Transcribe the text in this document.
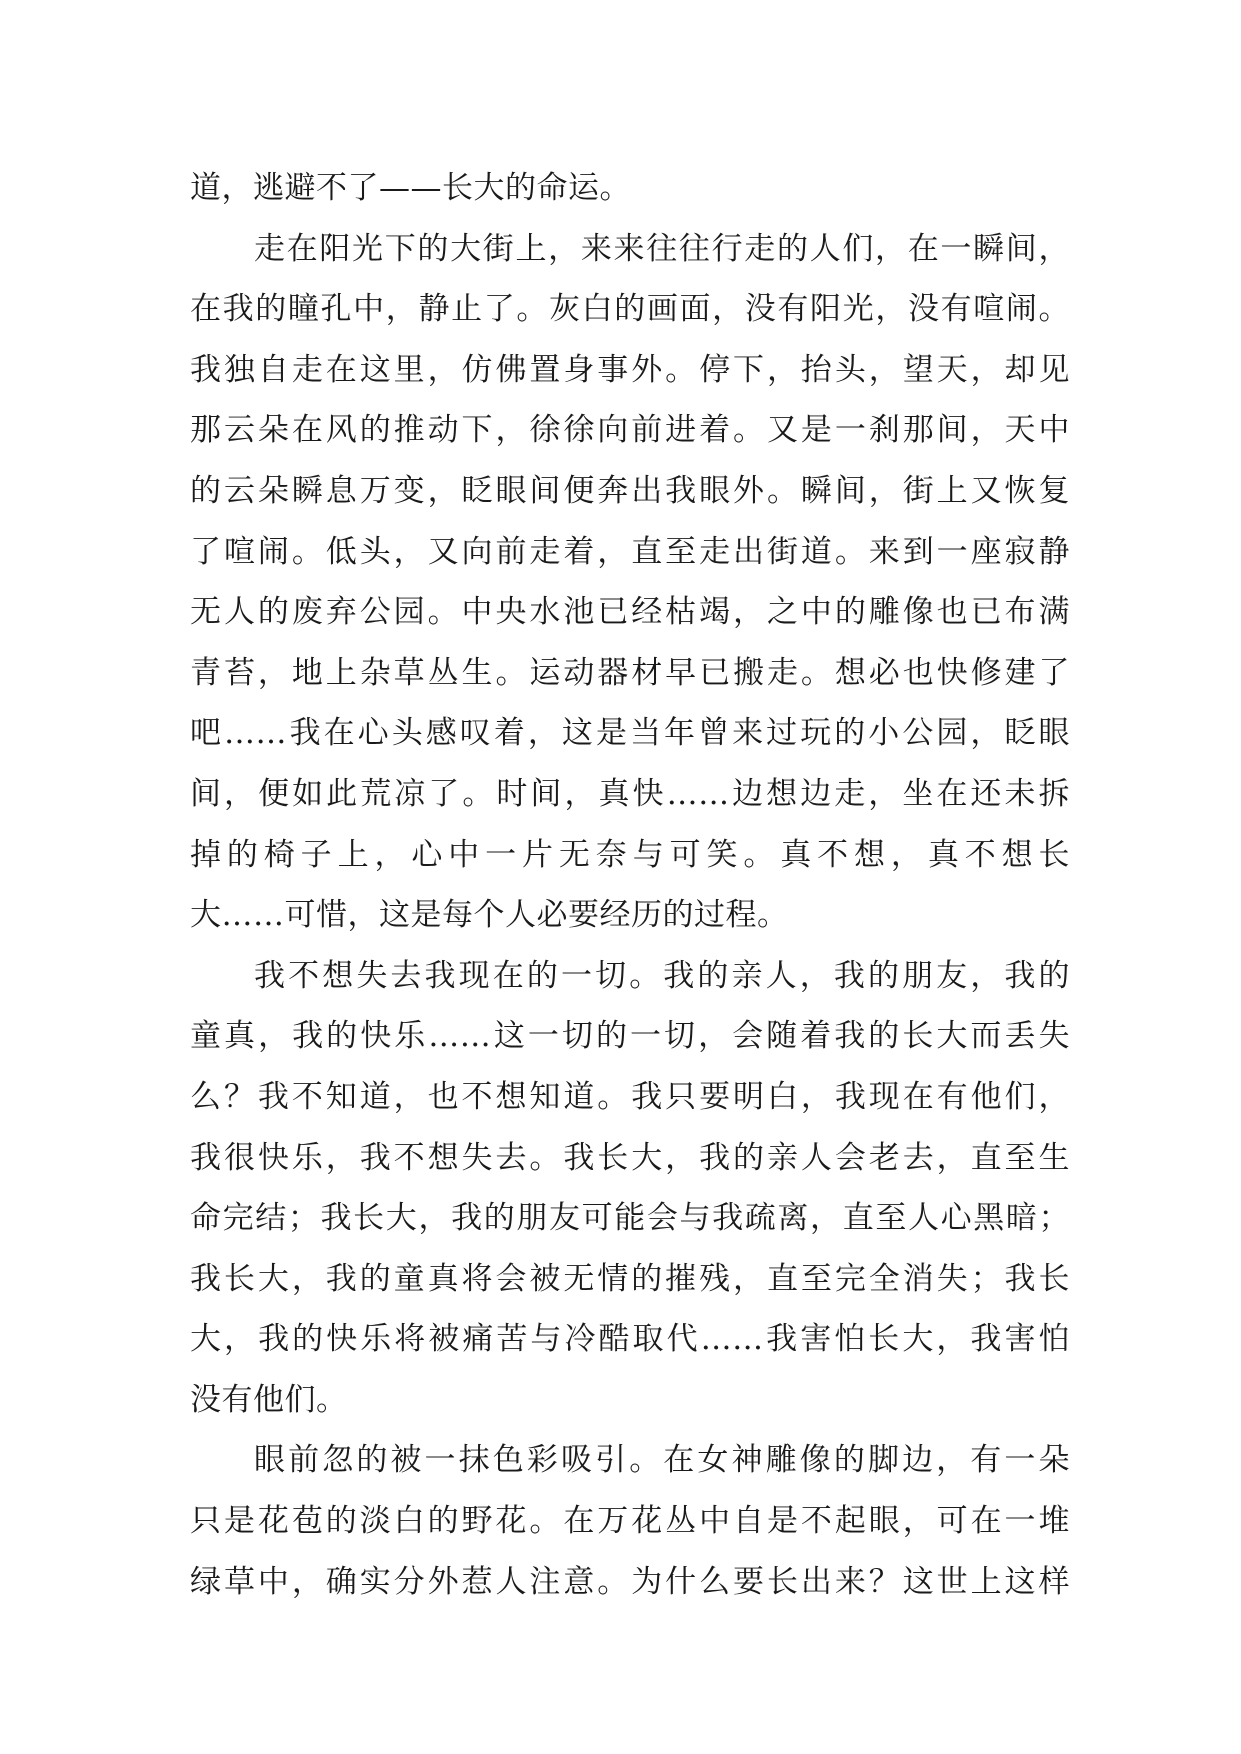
道，逃避不了——长大的命运。
走在阳光下的大街上，来来往往行走的人们，在一瞬间，
在我的瞳孔中，静止了。灰白的画面，没有阳光，没有喧闹。
我独自走在这里，仿佛置身事外。停下，抬头，望天，却见
那云朵在风的推动下，徐徐向前进着。又是一刹那间，天中
的云朵瞬息万变，眨眼间便奔出我眼外。瞬间，街上又恢复
了喧闹。低头，又向前走着，直至走出街道。来到一座寂静
无人的废弃公园。中央水池已经枯竭，之中的雕像也已布满
青苔，地上杂草丛生。运动器材早已搬走。想必也快修建了
吧……我在心头感叹着，这是当年曾来过玩的小公园，眨眼
间，便如此荒凉了。时间，真快……边想边走，坐在还未拆
掉的椅子上，心中一片无奈与可笑。真不想，真不想长
大……可惜，这是每个人必要经历的过程。
我不想失去我现在的一切。我的亲人，我的朋友，我的
童真，我的快乐……这一切的一切，会随着我的长大而丢失
么？我不知道，也不想知道。我只要明白，我现在有他们，
我很快乐，我不想失去。我长大，我的亲人会老去，直至生
命完结；我长大，我的朋友可能会与我疏离，直至人心黑暗；
我长大，我的童真将会被无情的摧残，直至完全消失；我长
大，我的快乐将被痛苦与冷酷取代……我害怕长大，我害怕
没有他们。
眼前忽的被一抹色彩吸引。在女神雕像的脚边，有一朵
只是花苞的淡白的野花。在万花丛中自是不起眼，可在一堆
绿草中，确实分外惹人注意。为什么要长出来？这世上这样
